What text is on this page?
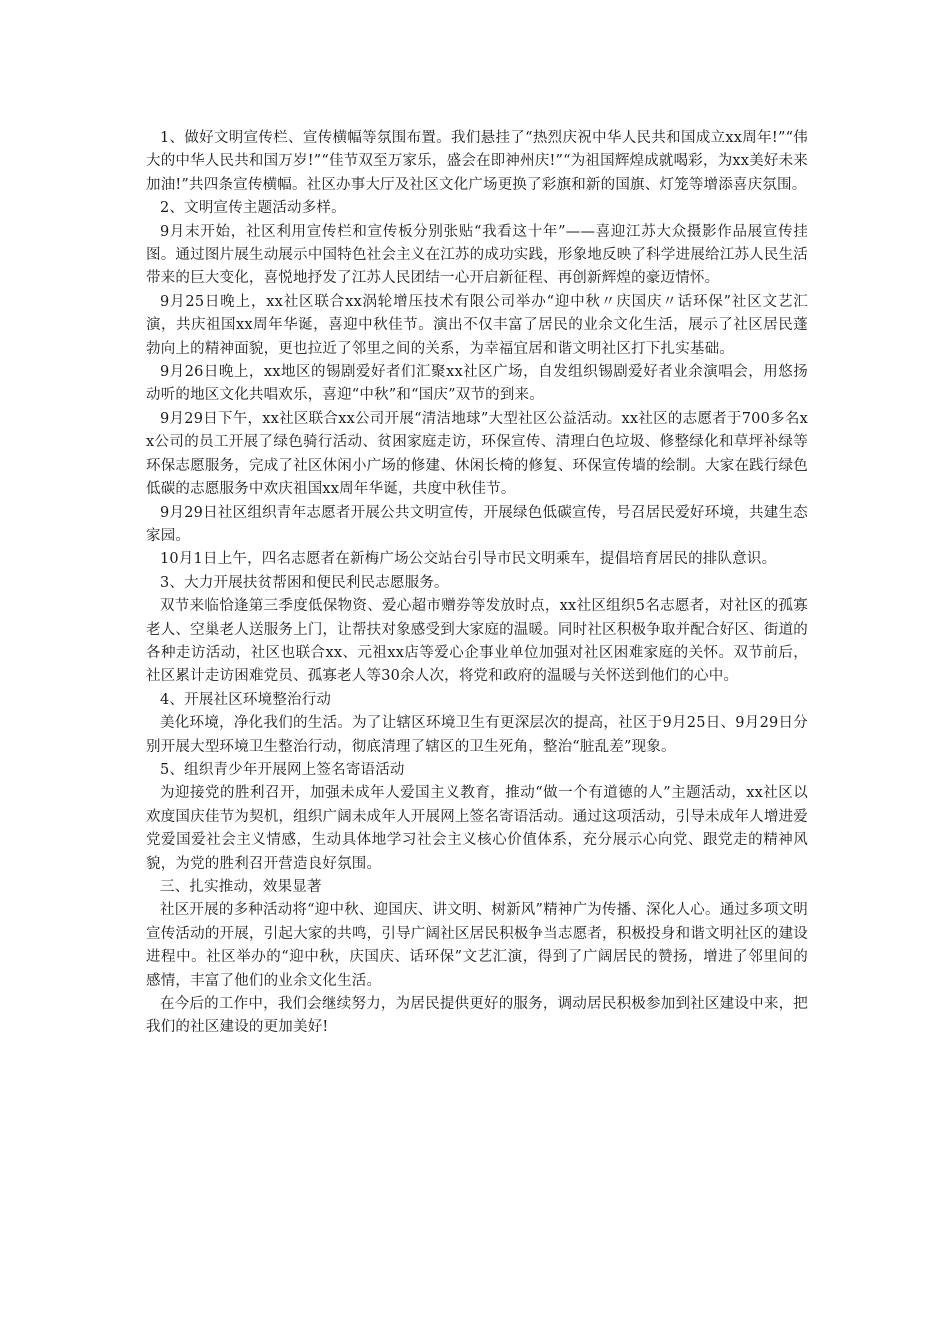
1、做好文明宣传栏、宣传横幅等氛围布置。我们悬挂了“热烈庆祝中华人民共和国成立xx周年!”“伟大的中华人民共和国万岁!”“佳节双至万家乐，盛会在即神州庆!”“为祖国辉煌成就喝彩，为xx美好未来加油!”共四条宣传横幅。社区办事大厅及社区文化广场更换了彩旗和新的国旗、灯笼等增添喜庆氛围。

2、文明宣传主题活动多样。

9月末开始，社区利用宣传栏和宣传板分别张贴“我看这十年”——喜迎江苏大众摄影作品展宣传挂图。通过图片展生动展示中国特色社会主义在江苏的成功实践，形象地反映了科学进展给江苏人民生活带来的巨大变化，喜悦地抒发了江苏人民团结一心开启新征程、再创新辉煌的豪迈情怀。

9月25日晚上，xx社区联合xx涡轮增压技术有限公司举办“迎中秋〃庆国庆〃话环保”社区文艺汇演，共庆祖国xx周年华诞，喜迎中秋佳节。演出不仅丰富了居民的业余文化生活，展示了社区居民蓬勃向上的精神面貌，更也拉近了邻里之间的关系，为幸福宜居和谐文明社区打下扎实基础。

9月26日晚上，xx地区的锡剧爱好者们汇聚xx社区广场，自发组织锡剧爱好者业余演唱会，用悠扬动听的地区文化共唱欢乐，喜迎“中秋”和“国庆”双节的到来。

9月29日下午，xx社区联合xx公司开展“清洁地球”大型社区公益活动。xx社区的志愿者于700多名xx公司的员工开展了绿色骑行活动、贫困家庭走访，环保宣传、清理白色垃圾、修整绿化和草坪补绿等环保志愿服务，完成了社区休闲小广场的修建、休闲长椅的修复、环保宣传墙的绘制。大家在践行绿色低碳的志愿服务中欢庆祖国xx周年华诞，共度中秋佳节。

9月29日社区组织青年志愿者开展公共文明宣传，开展绿色低碳宣传，号召居民爱好环境，共建生态家园。

10月1日上午，四名志愿者在新梅广场公交站台引导市民文明乘车，提倡培育居民的排队意识。

3、大力开展扶贫帮困和便民利民志愿服务。

双节来临恰逢第三季度低保物资、爱心超市赠券等发放时点，xx社区组织5名志愿者，对社区的孤寡老人、空巢老人送服务上门，让帮扶对象感受到大家庭的温暖。同时社区积极争取并配合好区、街道的各种走访活动，社区也联合xx、元祖xx店等爱心企事业单位加强对社区困难家庭的关怀。双节前后，社区累计走访困难党员、孤寡老人等30余人次，将党和政府的温暖与关怀送到他们的心中。

4、开展社区环境整治行动

美化环境，净化我们的生活。为了让辖区环境卫生有更深层次的提高，社区于9月25日、9月29日分别开展大型环境卫生整治行动，彻底清理了辖区的卫生死角，整治“脏乱差”现象。

5、组织青少年开展网上签名寄语活动

为迎接党的胜利召开，加强未成年人爱国主义教育，推动“做一个有道德的人”主题活动，xx社区以欢度国庆佳节为契机，组织广阔未成年人开展网上签名寄语活动。通过这项活动，引导未成年人增进爱党爱国爱社会主义情感，生动具体地学习社会主义核心价值体系，充分展示心向党、跟党走的精神风貌，为党的胜利召开营造良好氛围。

三、扎实推动，效果显著

社区开展的多种活动将“迎中秋、迎国庆、讲文明、树新风”精神广为传播、深化人心。通过多项文明宣传活动的开展，引起大家的共鸣，引导广阔社区居民积极争当志愿者，积极投身和谐文明社区的建设进程中。社区举办的“迎中秋，庆国庆、话环保”文艺汇演，得到了广阔居民的赞扬，增进了邻里间的感情，丰富了他们的业余文化生活。

在今后的工作中，我们会继续努力，为居民提供更好的服务，调动居民积极参加到社区建设中来，把我们的社区建设的更加美好!
